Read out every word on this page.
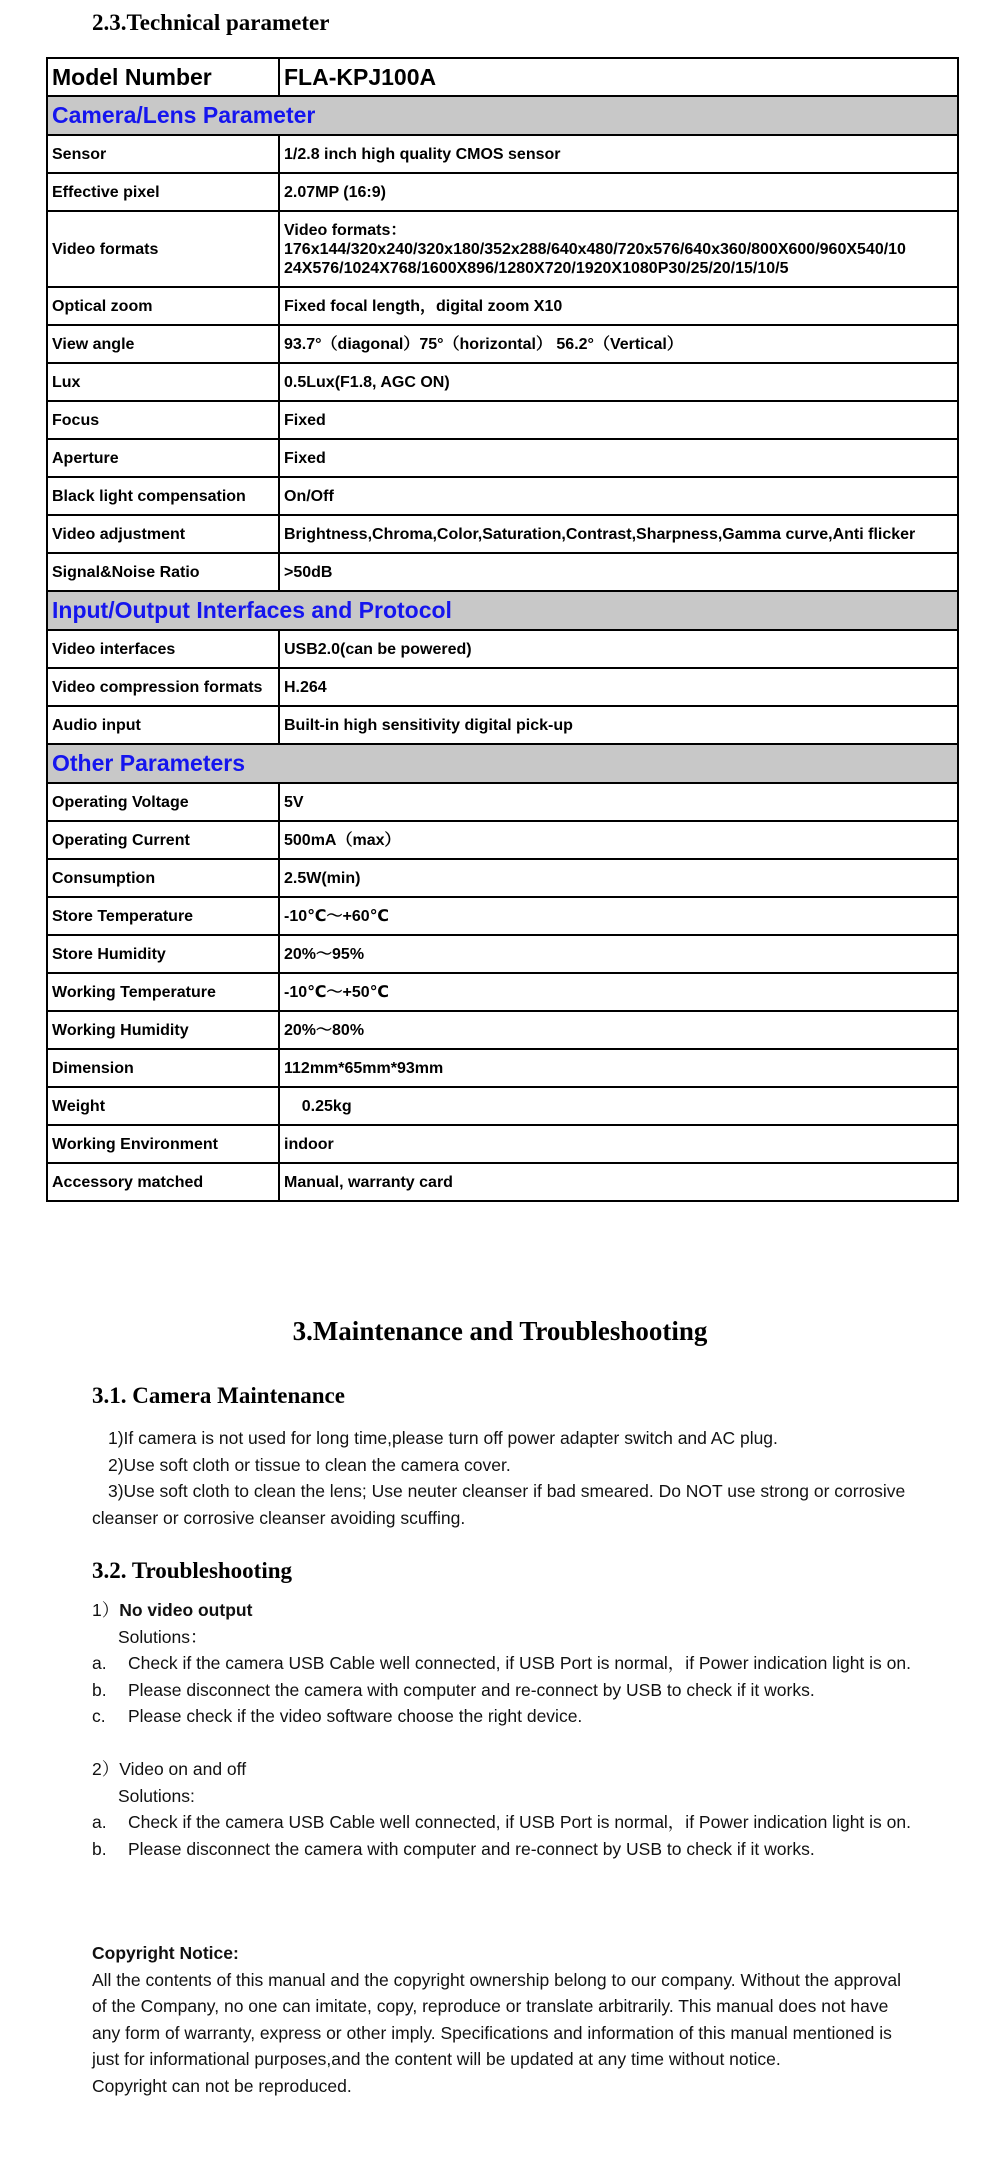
2.3.Technical parameter
Model Number	FLA-KPJ100A
Camera/Lens Parameter	
Sensor	1/2.8 inch high quality CMOS sensor
Effective pixel	2.07MP (16:9)
Video formats	Video formats：
176x144/320x240/320x180/352x288/640x480/720x576/640x360/800X600/960X540/10
24X576/1024X768/1600X896/1280X720/1920X1080P30/25/20/15/10/5

Optical zoom	Fixed focal length，digital zoom X10
View angle	93.7°（diagonal）75°（horizontal） 56.2°（Vertical）
Lux	0.5Lux(F1.8, AGC ON)
Focus	Fixed
Aperture	Fixed
Black light compensation	On/Off
Video adjustment	Brightness,Chroma,Color,Saturation,Contrast,Sharpness,Gamma curve,Anti flicker
Signal&Noise Ratio	>50dB
Input/Output Interfaces and Protocol	
Video interfaces	USB2.0(can be powered)
Video compression formats	H.264
Audio input	Built-in high sensitivity digital pick-up
Other Parameters	
Operating Voltage	5V
Operating Current	500mA（max）
Consumption	2.5W(min)
Store Temperature	-10℃～+60℃
Store Humidity	20%～95%
Working Temperature	-10℃～+50℃
Working Humidity	20%～80%
Dimension	112mm*65mm*93mm
Weight	0.25kg
Working Environment	indoor
Accessory matched	Manual, warranty card
3.Maintenance and Troubleshooting
3.1. Camera Maintenance
1)If camera is not used for long time,please turn off power adapter switch and AC plug.
2)Use soft cloth or tissue to clean the camera cover.
3)Use soft cloth to clean the lens; Use neuter cleanser if bad smeared. Do NOT use strong or corrosive
cleanser or corrosive cleanser avoiding scuffing.
3.2. Troubleshooting
1）No video output
Solutions：
a.	Check if the camera USB Cable well connected, if USB Port is normal，if Power indication light is on.
b.	Please disconnect the camera with computer and re-connect by USB to check if it works.
c.	Please check if the video software choose the right device.
2）Video on and off
Solutions:
a.	Check if the camera USB Cable well connected, if USB Port is normal，if Power indication light is on.
b.	Please disconnect the camera with computer and re-connect by USB to check if it works.
Copyright Notice:
All the contents of this manual and the copyright ownership belong to our company. Without the approval
of the Company, no one can imitate, copy, reproduce or translate arbitrarily. This manual does not have
any form of warranty, express or other imply. Specifications and information of this manual mentioned is
just for informational purposes,and the content will be updated at any time without notice.
Copyright can not be reproduced.
